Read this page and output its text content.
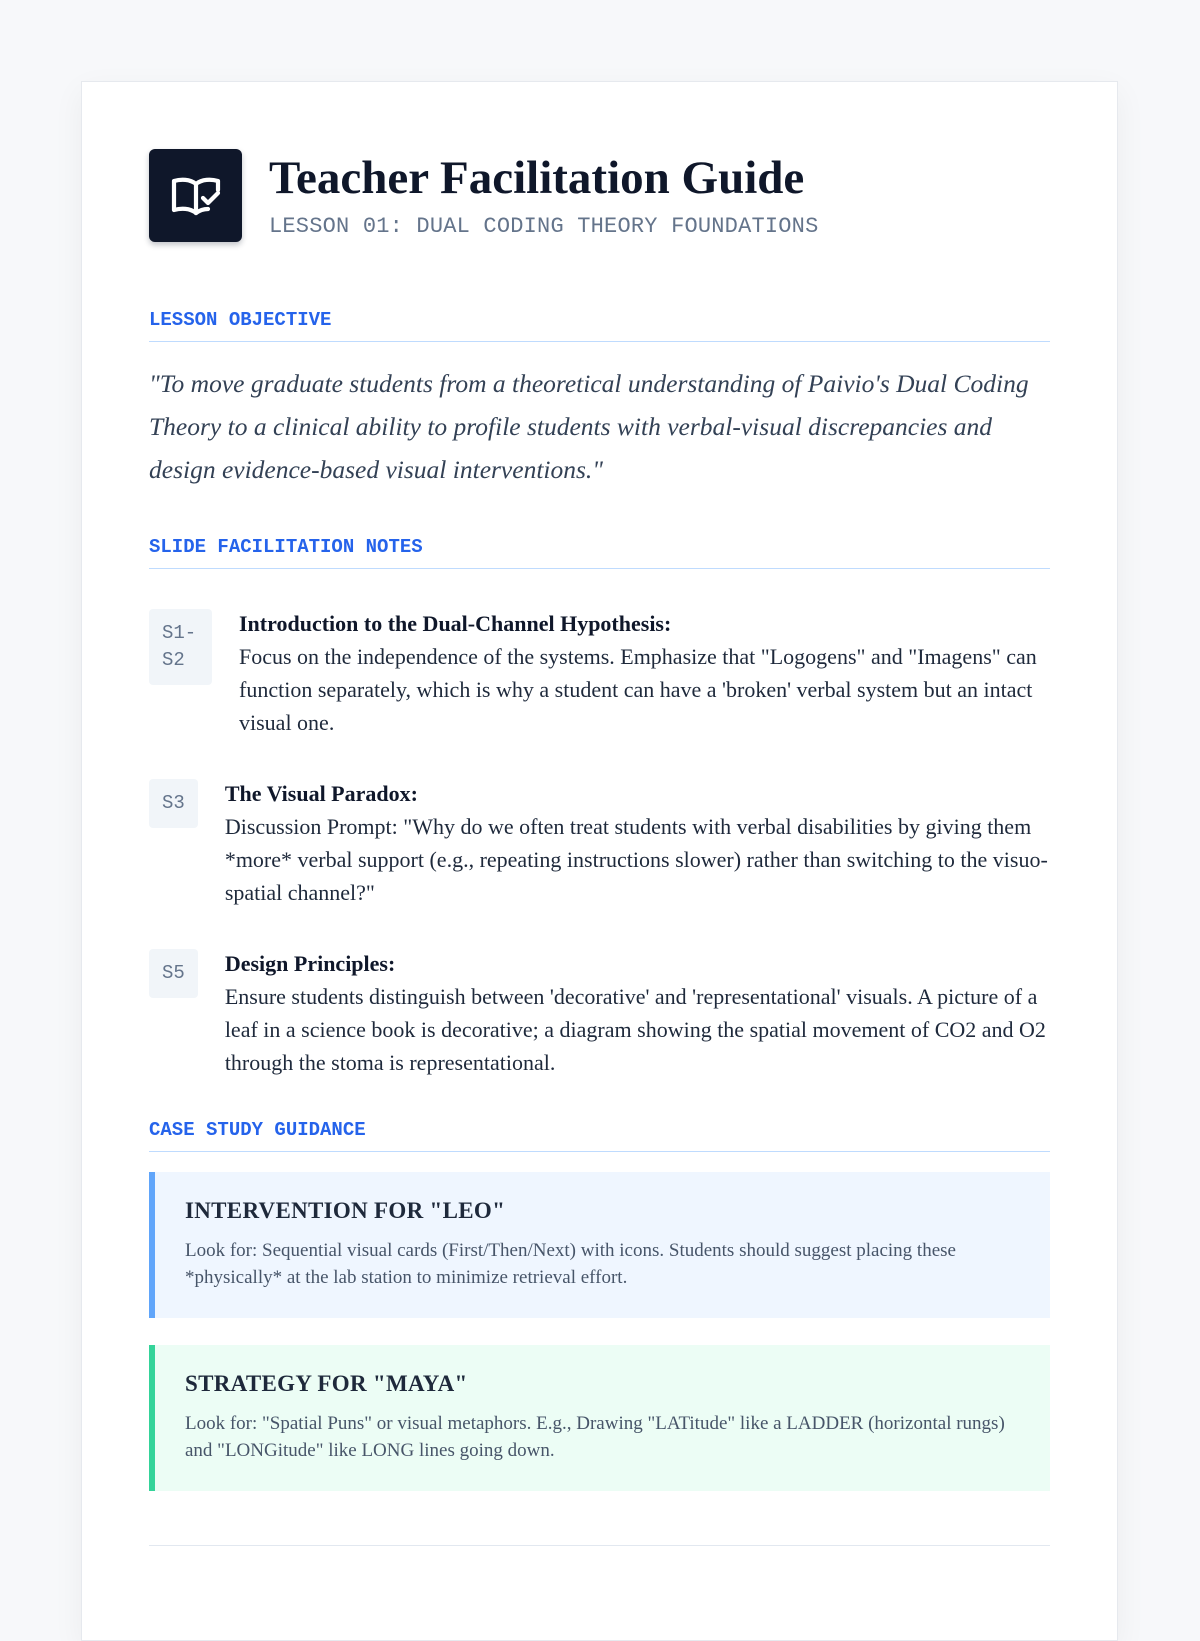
Teacher Facilitation Guide
LESSON 01: DUAL CODING THEORY FOUNDATIONS
LESSON OBJECTIVE
"To move graduate students from a theoretical understanding of Paivio's Dual Coding Theory to a clinical ability to profile students with verbal-visual discrepancies and design evidence-based visual interventions."
SLIDE FACILITATION NOTES
S1-S2
Introduction to the Dual-Channel Hypothesis:
Focus on the independence of the systems. Emphasize that "Logogens" and "Imagens" can function separately, which is why a student can have a 'broken' verbal system but an intact visual one.
S3	The Visual Paradox:
Discussion Prompt: "Why do we often treat students with verbal disabilities by giving them *more* verbal support (e.g., repeating instructions slower) rather than switching to the visuo-spatial channel?"
S5	Design Principles:
Ensure students distinguish between 'decorative' and 'representational' visuals. A picture of a leaf in a science book is decorative; a diagram showing the spatial movement of CO2 and O2 through the stoma is representational.
CASE STUDY GUIDANCE
INTERVENTION FOR "LEO"
Look for: Sequential visual cards (First/Then/Next) with icons. Students should suggest placing these *physically* at the lab station to minimize retrieval effort.
STRATEGY FOR "MAYA"
Look for: "Spatial Puns" or visual metaphors. E.g., Drawing "LATitude" like a LADDER (horizontal rungs) and "LONGitude" like LONG lines going down.
